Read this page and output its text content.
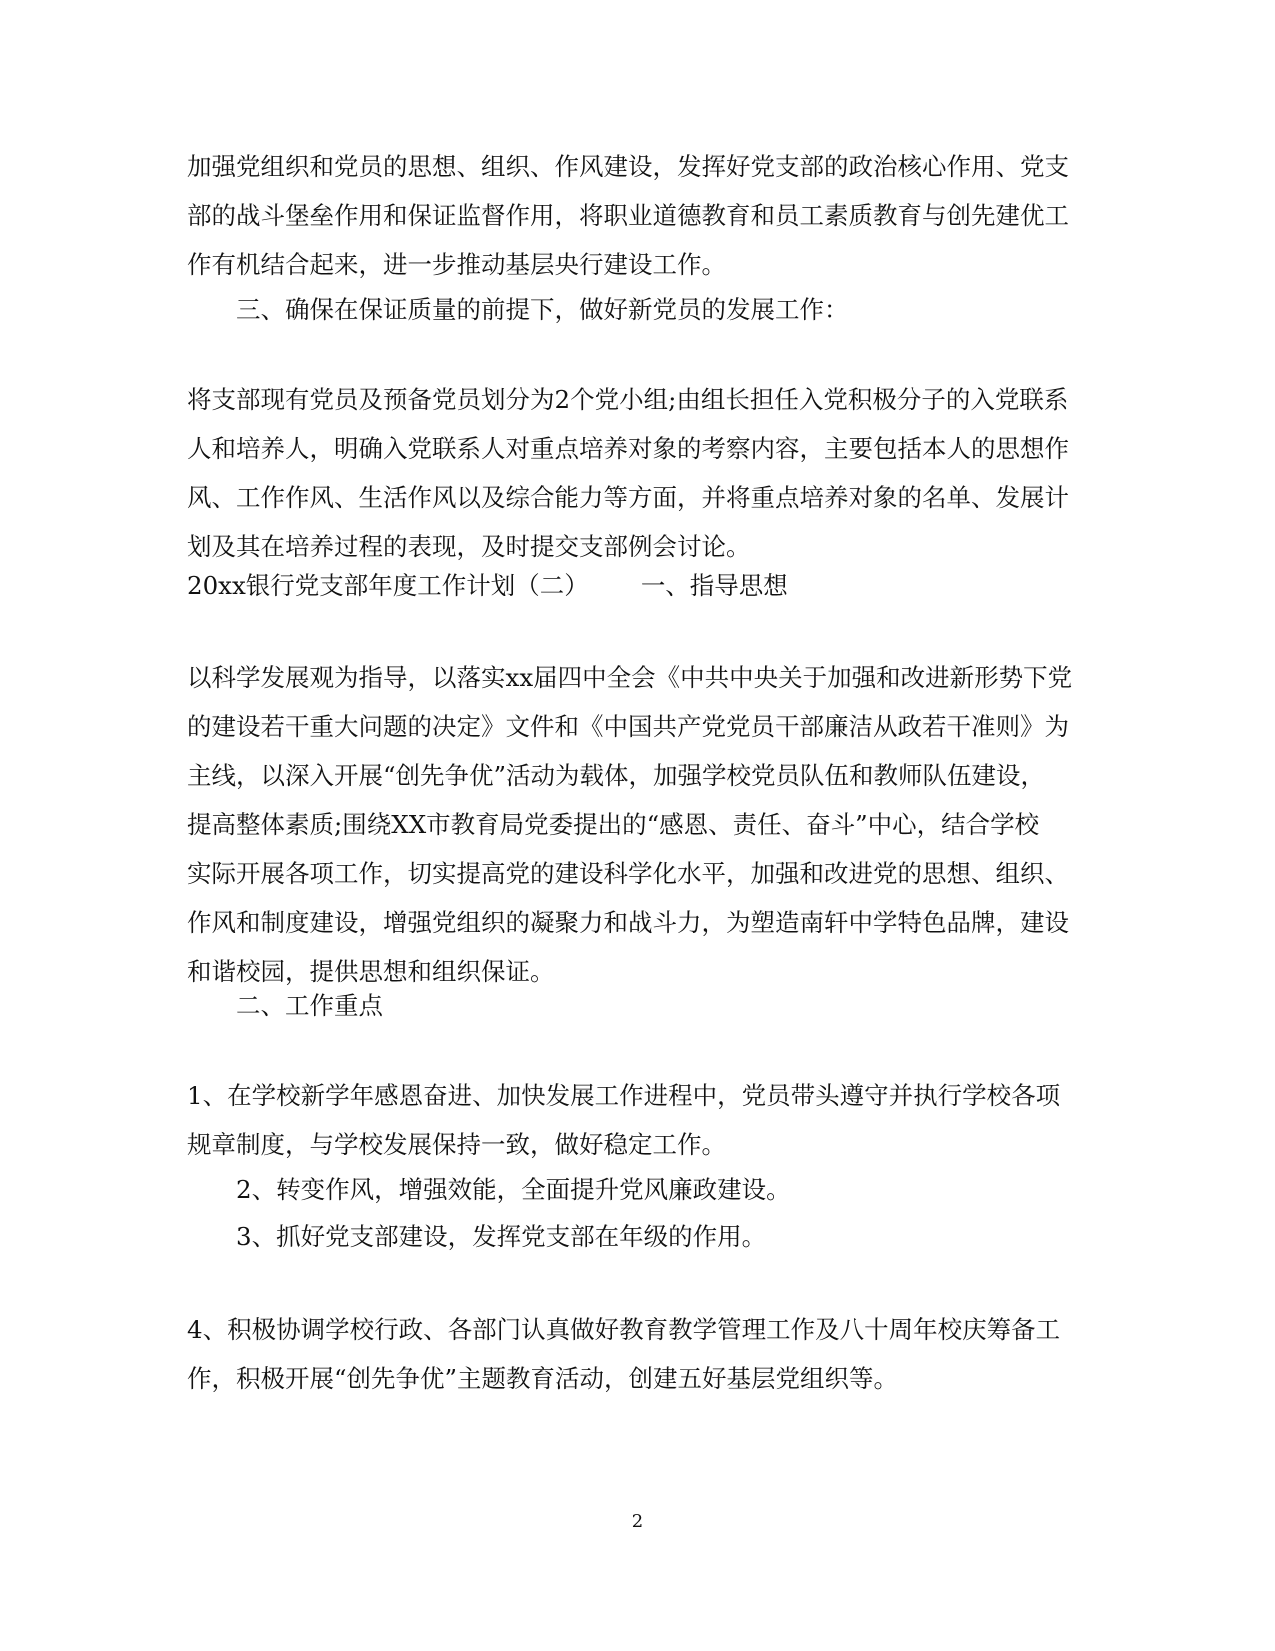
加强党组织和党员的思想、组织、作风建设，发挥好党支部的政治核心作用、党支
部的战斗堡垒作用和保证监督作用，将职业道德教育和员工素质教育与创先建优工
作有机结合起来，进一步推动基层央行建设工作。
三、确保在保证质量的前提下，做好新党员的发展工作：
将支部现有党员及预备党员划分为2个党小组;由组长担任入党积极分子的入党联系
人和培养人，明确入党联系人对重点培养对象的考察内容，主要包括本人的思想作
风、工作作风、生活作风以及综合能力等方面，并将重点培养对象的名单、发展计
划及其在培养过程的表现，及时提交支部例会讨论。
20xx银行党支部年度工作计划（二） 一、指导思想
以科学发展观为指导，以落实xx届四中全会《中共中央关于加强和改进新形势下党
的建设若干重大问题的决定》文件和《中国共产党党员干部廉洁从政若干准则》为
主线，以深入开展“创先争优”活动为载体，加强学校党员队伍和教师队伍建设，
提高整体素质;围绕XX市教育局党委提出的“感恩、责任、奋斗”中心，结合学校
实际开展各项工作，切实提高党的建设科学化水平，加强和改进党的思想、组织、
作风和制度建设，增强党组织的凝聚力和战斗力，为塑造南轩中学特色品牌，建设
和谐校园，提供思想和组织保证。
二、工作重点
1、在学校新学年感恩奋进、加快发展工作进程中，党员带头遵守并执行学校各项
规章制度，与学校发展保持一致，做好稳定工作。
2、转变作风，增强效能，全面提升党风廉政建设。
3、抓好党支部建设，发挥党支部在年级的作用。
4、积极协调学校行政、各部门认真做好教育教学管理工作及八十周年校庆筹备工
作，积极开展“创先争优”主题教育活动，创建五好基层党组织等。
2
